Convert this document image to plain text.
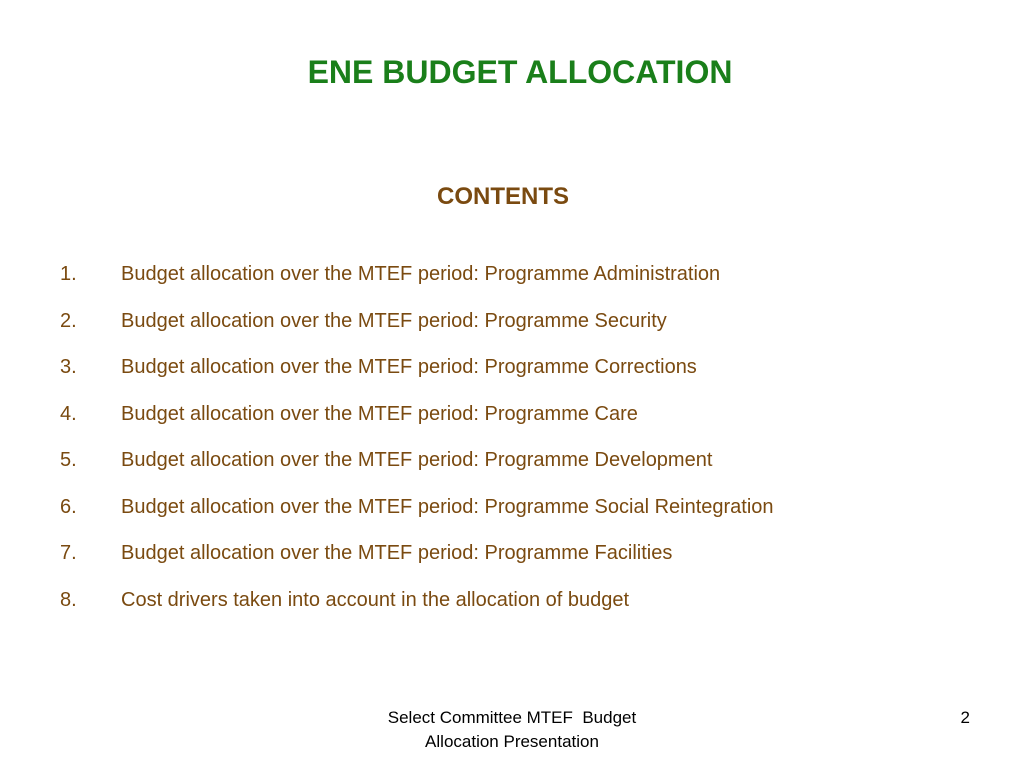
ENE BUDGET ALLOCATION
CONTENTS
1. Budget allocation over the MTEF period: Programme Administration
2. Budget allocation over the MTEF period: Programme Security
3. Budget allocation over the MTEF period: Programme Corrections
4. Budget allocation over the MTEF period: Programme Care
5. Budget allocation over the MTEF period: Programme Development
6. Budget allocation over the MTEF period: Programme Social Reintegration
7. Budget allocation over the MTEF period: Programme Facilities
8. Cost drivers taken into account in the allocation of budget
Select Committee MTEF  Budget
Allocation Presentation
2
